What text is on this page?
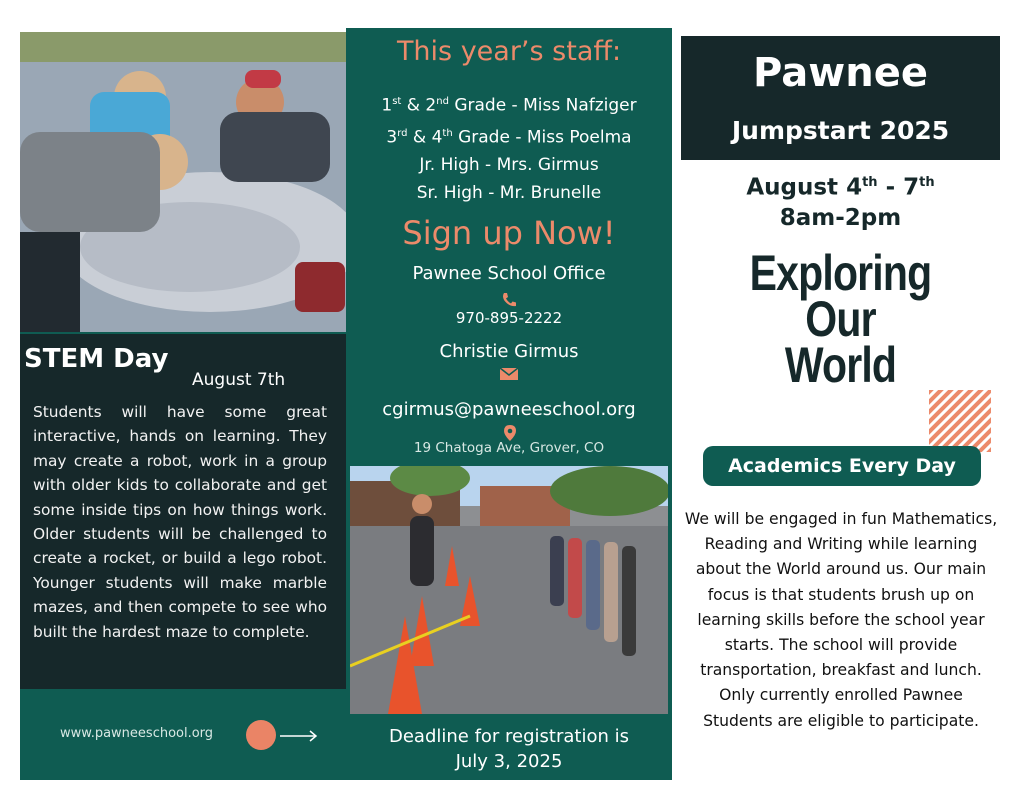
STEM Day
August 7th
Students will have some great interactive, hands on learning. They may create a robot, work in a group with older kids to collaborate and get some inside tips on how things work. Older students will be challenged to create a rocket, or build a lego robot. Younger students will make marble mazes, and then compete to see who built the hardest maze to complete.
www.pawneeschool.org
This year’s staff:
1st & 2nd Grade - Miss Nafziger
3rd & 4th Grade - Miss Poelma
Jr. High - Mrs. Girmus
Sr. High - Mr. Brunelle
Sign up Now!
Pawnee School Office
970-895-2222
Christie Girmus
cgirmus@pawneeschool.org
19 Chatoga Ave, Grover, CO
Deadline for registration is
July 3, 2025
Pawnee
Jumpstart 2025
August 4th - 7th
8am-2pm
Exploring
Our
World
Academics Every Day
We will be engaged in fun Mathematics, Reading and Writing while learning about the World around us. Our main focus is that students brush up on learning skills before the school year starts. The school will provide transportation, breakfast and lunch. Only currently enrolled Pawnee Students are eligible to participate.
